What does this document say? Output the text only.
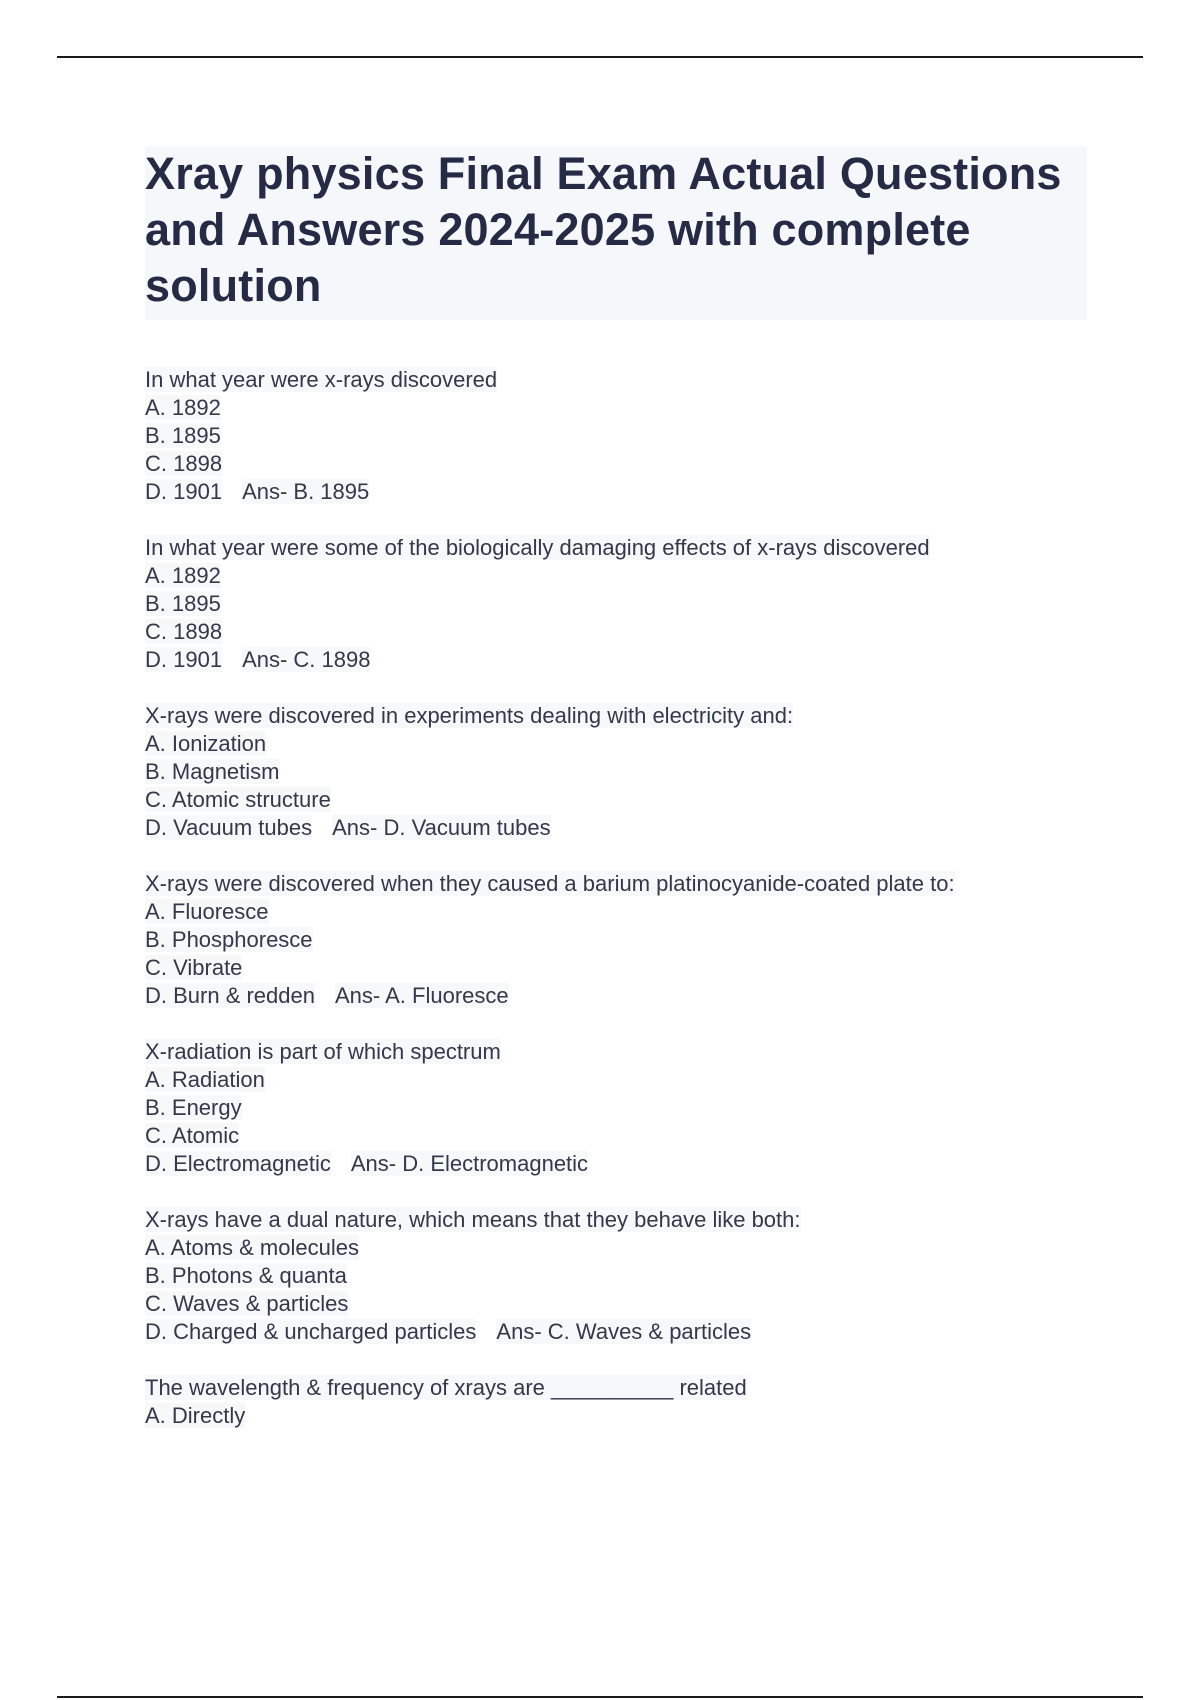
Xray physics Final Exam Actual Questions and Answers 2024-2025 with complete solution
In what year were x-rays discovered
A. 1892
B. 1895
C. 1898
D. 1901 Ans- B. 1895
In what year were some of the biologically damaging effects of x-rays discovered
A. 1892
B. 1895
C. 1898
D. 1901 Ans- C. 1898
X-rays were discovered in experiments dealing with electricity and:
A. Ionization
B. Magnetism
C. Atomic structure
D. Vacuum tubes Ans- D. Vacuum tubes
X-rays were discovered when they caused a barium platinocyanide-coated plate to:
A. Fluoresce
B. Phosphoresce
C. Vibrate
D. Burn & redden Ans- A. Fluoresce
X-radiation is part of which spectrum
A. Radiation
B. Energy
C. Atomic
D. Electromagnetic Ans- D. Electromagnetic
X-rays have a dual nature, which means that they behave like both:
A. Atoms & molecules
B. Photons & quanta
C. Waves & particles
D. Charged & uncharged particles Ans- C. Waves & particles
The wavelength & frequency of xrays are __________ related
A. Directly
